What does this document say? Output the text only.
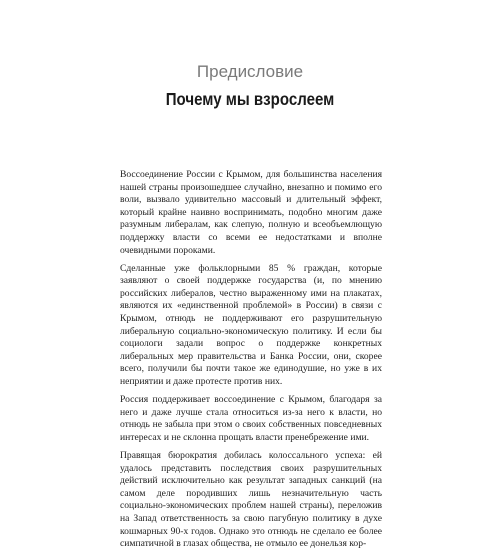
Предисловие
Почему мы взрослеем

Воссоединение России с Крымом, для большинства населения нашей страны произошедшее случайно, внезапно и помимо его воли, вызвало удивительно массовый и длительный эффект, который крайне наивно воспринимать, подобно многим даже разумным либералам, как слепую, полную и всеобъемлющую поддержку власти со всеми ее недостатками и вполне очевидными пороками.

Сделанные уже фольклорными 85 % граждан, которые заявляют о своей поддержке государства (и, по мнению российских либералов, честно выраженному ими на плакатах, являются их «единственной проблемой» в России) в связи с Крымом, отнюдь не поддерживают его разрушительную либеральную социально-экономическую политику. И если бы социологи задали вопрос о поддержке конкретных либеральных мер правительства и Банка России, они, скорее всего, получили бы почти такое же единодушие, но уже в их неприятии и даже протесте против них.

Россия поддерживает воссоединение с Крымом, благодаря за него и даже лучше стала относиться из-за него к власти, но отнюдь не забыла при этом о своих собственных повседневных интересах и не склонна прощать власти пренебрежение ими.

Правящая бюрократия добилась колоссального успеха: ей удалось представить последствия своих разрушительных действий исключительно как результат западных санкций (на самом деле породивших лишь незначительную часть социально-экономических проблем нашей страны), переложив на Запад ответственность за свою пагубную политику в духе кошмарных 90-х годов. Однако это отнюдь не сделало ее более симпатичной в глазах общества, не отмыло ее донельзя кор-
